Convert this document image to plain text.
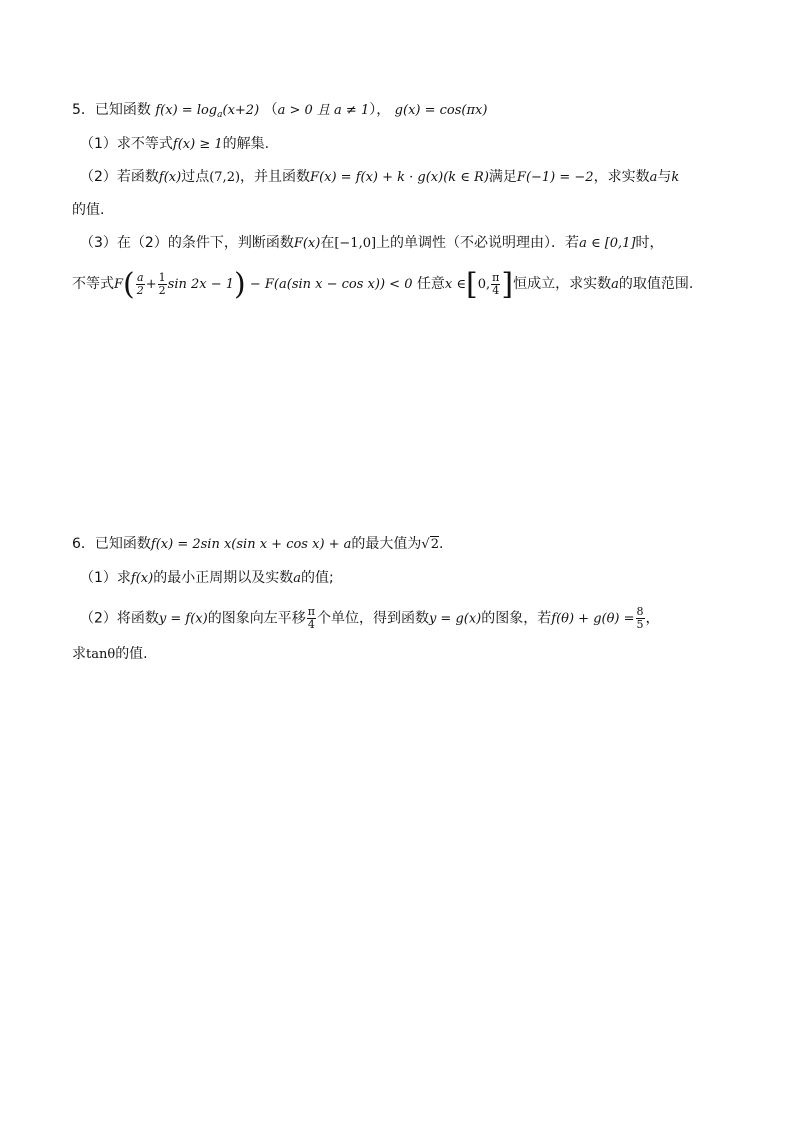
5．已知函数 $f(x) = \log_a(x+2) (a > 0$ 且 a ≠ 1）， g(x) = cos(πx)
（1）求不等式f(x) ≥ 1的解集.
（2）若函数f(x)过点(7,2)，并且函数F(x) = f(x) + k · g(x)(k ∈ R)满足F(−1) = −2，求实数a与k
的值.
（3）在（2）的条件下，判断函数F(x)在[−1,0]上的单调性（不必说明理由）．若a ∈ [0,1]时，
不等式$F( \frac{a}{2} + \frac{1}{2}$ sin 2x − 1) − F(a(sin x − cos x)) < 0 任意x ∈[0, $\frac{\pi}{4}$ ]恒成立，求实数a的取值范围.
6．已知函数f(x) = 2sin x(sin x + cos x) + a的最大值为√2.
（1）求f(x)的最小正周期以及实数a的值;
（2）将函数y = f(x)的图象向左平移 $\frac{\pi}{4}$ 个单位，得到函数y = g(x)的图象，若$f(\theta) + g(\theta) = \frac{8}{5}$ ，
求tanθ的值.
